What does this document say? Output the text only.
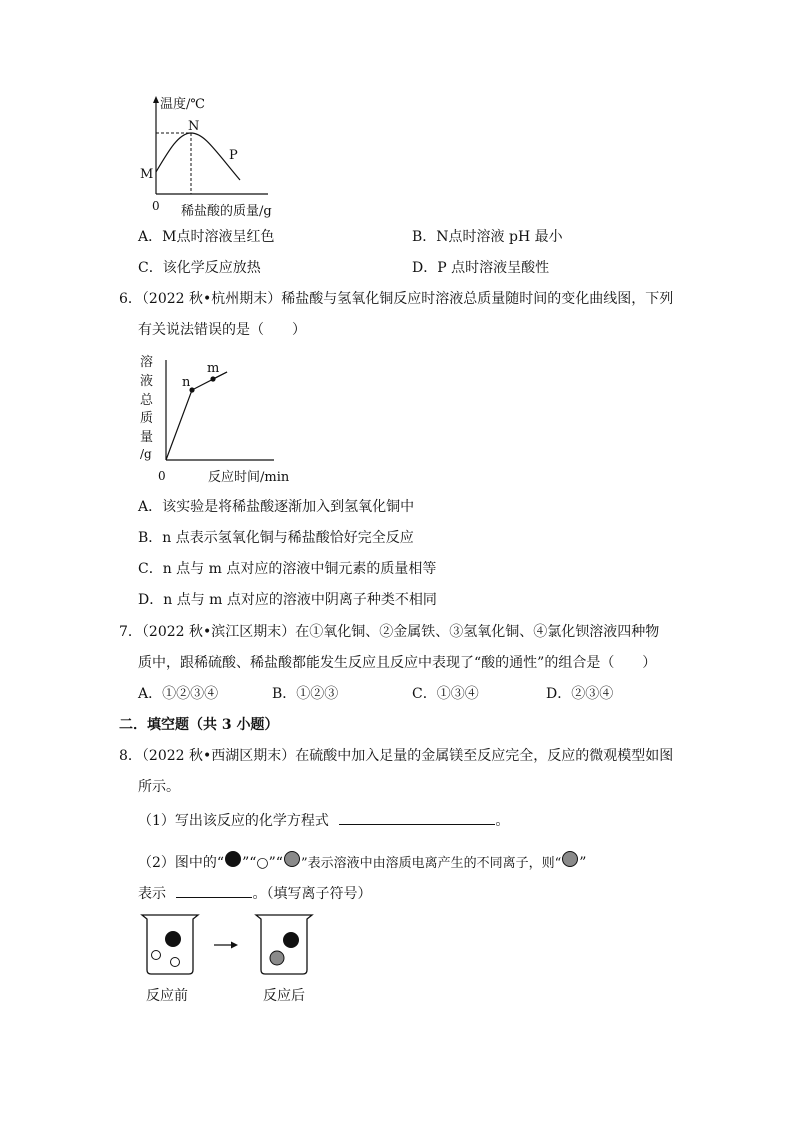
温度/℃
N
M
P
0 稀盐酸的质量/g
A．M点时溶液呈红色	B．N点时溶液 pH 最小
C．该化学反应放热	D．P 点时溶液呈酸性
6．（2022 秋•杭州期末）稀盐酸与氢氧化铜反应时溶液总质量随时间的变化曲线图，下列
有关说法错误的是（　　）
溶
液
总
质
量
/g
n
m
0	反应时间/min
A．该实验是将稀盐酸逐渐加入到氢氧化铜中
B．n 点表示氢氧化铜与稀盐酸恰好完全反应
C．n 点与 m 点对应的溶液中铜元素的质量相等
D．n 点与 m 点对应的溶液中阴离子种类不相同
7．（2022 秋•滨江区期末）在①氧化铜、②金属铁、③氢氧化铜、④氯化钡溶液四种物
质中，跟稀硫酸、稀盐酸都能发生反应且反应中表现了“酸的通性”的组合是（　　）
A．①②③④	B．①②③	C．①③④	D．②③④
二．填空题（共 3 小题）
8．（2022 秋•西湖区期末）在硫酸中加入足量的金属镁至反应完全，反应的微观模型如图
所示。
（1）写出该反应的化学方程式	。
（2）图中的“ ”“○”“ ”表示溶液中由溶质电离产生的不同离子，则“ ”
表示	。（填写离子符号）
反应前	反应后
